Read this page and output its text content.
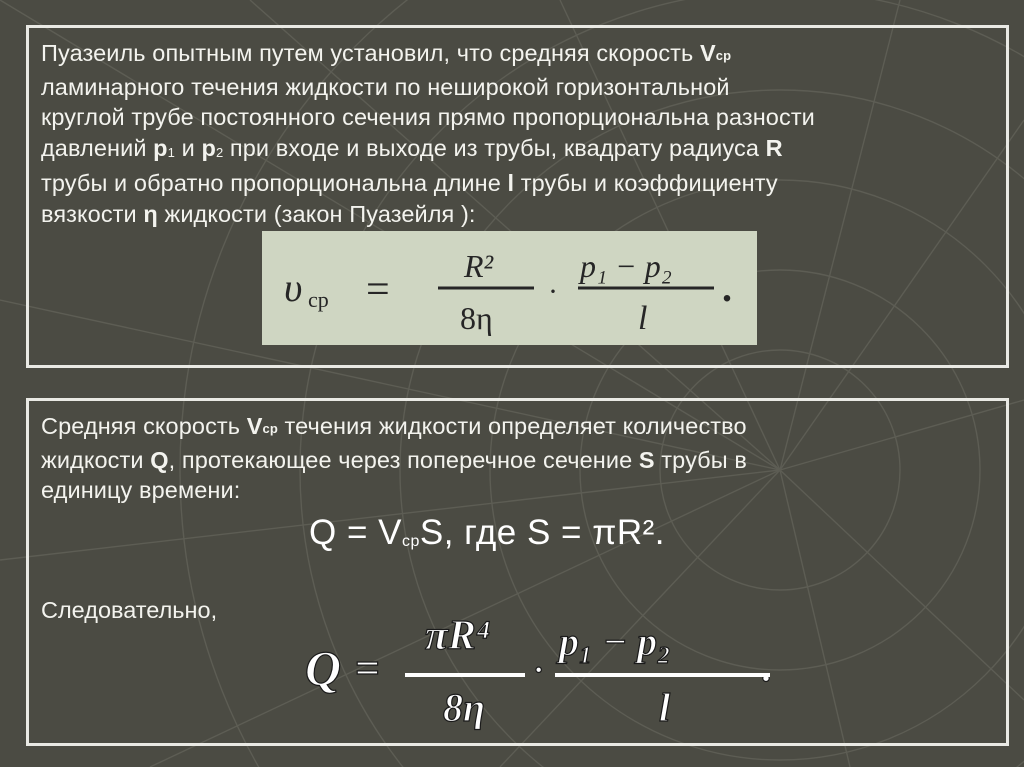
Пуазеиль опытным путем установил, что средняя скорость Vср
ламинарного течения жидкости по неширокой горизонтальной
круглой трубе постоянного сечения прямо пропорциональна разности
давлений p1 и p2 при входе и выходе из трубы, квадрату радиуса R
трубы и обратно пропорциональна длине l трубы и коэффициенту
вязкости η жидкости (закон Пуазейля ):
υ ср =
R²
8η
·
p₁ − p₂
l
.
Средняя скорость Vср течения жидкости определяет количество
жидкости Q, протекающее через поперечное сечение S трубы в
единицу времени:
Q = VсрS, где S = πR².
Следовательно,
Q =
πR⁴
8η
·
p₁ − p₂
l
.
